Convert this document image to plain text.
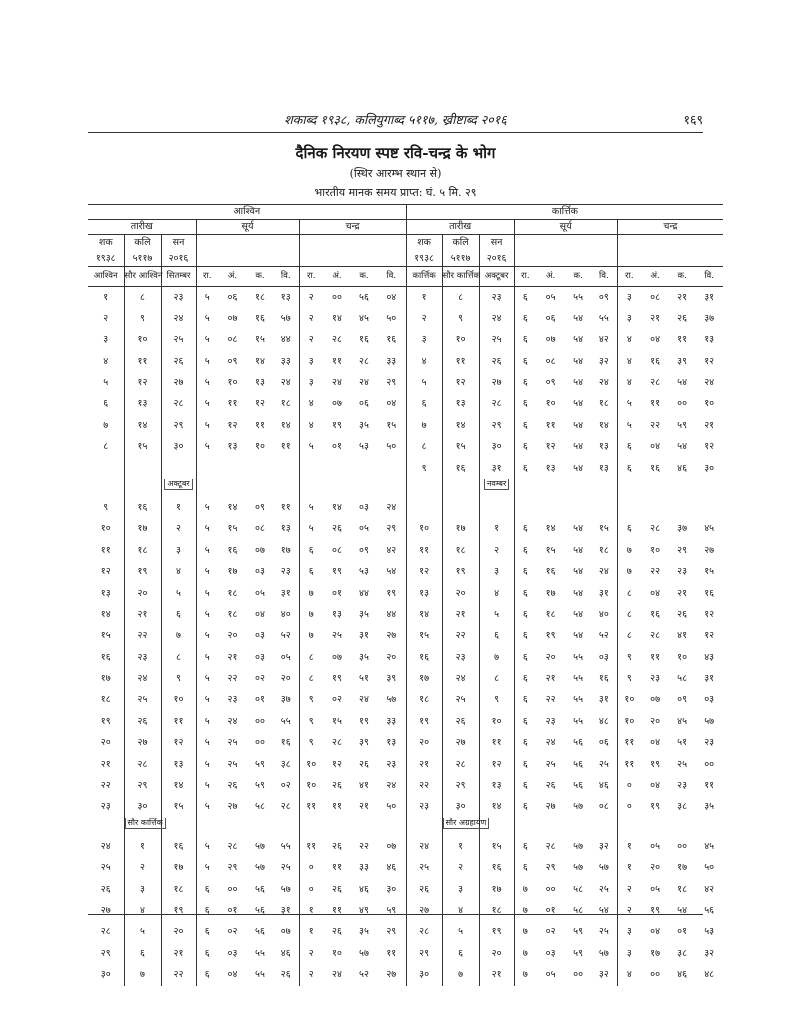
शकाब्द १९३८, कलियुगाब्द ५११७, ख्रीष्टाब्द २०१६	१६९
दैनिक निरयण स्पष्ट रवि-चन्द्र के भोग
(स्थिर आरम्भ स्थान से)
भारतीय मानक समय प्राप्त: घं. ५ मि. २९
आश्विन											कार्त्तिक										
तारीख			सूर्य				चन्द्र				तारीख			सूर्य				चन्द्र			
शक	कलि	सन									शक	कलि	सन								
१९३८	५११७	२०१६									१९३८	५११७	२०१६								
आश्विन	सौर आश्विन	सितम्बर	रा.	अं.	क.	वि.	रा.	अं.	क.	वि.	कार्त्तिक	सौर कार्त्तिक	अक्टूबर	रा.	अं.	क.	वि.	रा.	अं.	क.	वि.
१	८	२३	५	०६	१८	१३	२	००	५६	०४	१	८	२३	६	०५	५५	०९	३	०८	२१	३१
२	९	२४	५	०७	१६	५७	२	१४	४५	५०	२	९	२४	६	०६	५४	५५	३	२१	२६	३७
३	१०	२५	५	०८	१५	४४	२	२८	१६	१६	३	१०	२५	६	०७	५४	४२	४	०४	११	१३
४	११	२६	५	०९	१४	३३	३	११	२८	३३	४	११	२६	६	०८	५४	३२	४	१६	३९	१२
५	१२	२७	५	१०	१३	२४	३	२४	२४	२९	५	१२	२७	६	०९	५४	२४	४	२८	५४	२४
६	१३	२८	५	११	१२	१८	४	०७	०६	०४	६	१३	२८	६	१०	५४	१८	५	११	००	१०
७	१४	२९	५	१२	११	१४	४	१९	३५	१५	७	१४	२९	६	११	५४	१४	५	२२	५९	२१
८	१५	३०	५	१३	१०	११	५	०१	५३	५०	८	१५	३०	६	१२	५४	१३	६	०४	५४	१२
											९	१६	३१	६	१३	५४	१३	६	१६	४६	३०
		अक्टूबर											नवम्बर								
९	१६	१	५	१४	०९	११	५	१४	०३	२४											
१०	१७	२	५	१५	०८	१३	५	२६	०५	२९	१०	१७	१	६	१४	५४	१५	६	२८	३७	४५
११	१८	३	५	१६	०७	१७	६	०८	०९	४२	११	१८	२	६	१५	५४	१८	७	१०	२९	२७
१२	१९	४	५	१७	०३	२३	६	१९	५३	५४	१२	१९	३	६	१६	५४	२४	७	२२	२३	१५
१३	२०	५	५	१८	०५	३१	७	०१	४४	१९	१३	२०	४	६	१७	५४	३१	८	०४	२१	१६
१४	२१	६	५	१८	०४	४०	७	१३	३५	४४	१४	२१	५	६	१८	५४	४०	८	१६	२६	१२
१५	२२	७	५	२०	०३	५२	७	२५	३१	२७	१५	२२	६	६	१९	५४	५२	८	२८	४१	१२
१६	२३	८	५	२१	०३	०५	८	०७	३५	२०	१६	२३	७	६	२०	५५	०३	९	११	१०	४३
१७	२४	९	५	२२	०२	२०	८	१९	५१	३९	१७	२४	८	६	२१	५५	१६	९	२३	५८	३१
१८	२५	१०	५	२३	०१	३७	९	०२	२४	५७	१८	२५	९	६	२२	५५	३१	१०	०७	०९	०३
१९	२६	११	५	२४	००	५५	९	१५	१९	३३	१९	२६	१०	६	२३	५५	४८	१०	२०	४५	५७
२०	२७	१२	५	२५	००	१६	९	२८	३९	१३	२०	२७	११	६	२४	५६	०६	११	०४	५१	२३
२१	२८	१३	५	२५	५९	३८	१०	१२	२६	२३	२१	२८	१२	६	२५	५६	२५	११	१९	२५	००
२२	२९	१४	५	२६	५९	०२	१०	२६	४१	२४	२२	२९	१३	६	२६	५६	४६	०	०४	२३	११
२३	३०	१५	५	२७	५८	२८	११	११	२१	५०	२३	३०	१४	६	२७	५७	०८	०	१९	३८	३५
	सौर कार्त्तिक											सौर अग्रहायण									
२४	१	१६	५	२८	५७	५५	११	२६	२२	०७	२४	१	१५	६	२८	५७	३२	१	०५	००	४५
२५	२	१७	५	२९	५७	२५	०	११	३३	४६	२५	२	१६	६	२९	५७	५७	१	२०	१७	५०
२६	३	१८	६	००	५६	५७	०	२६	४६	३०	२६	३	१७	७	००	५८	२५	२	०५	१८	४२
२७	४	१९	६	०१	५६	३१	१	११	४९	५९	२७	४	१८	७	०१	५८	५४	२	१९	५४	५६
२८	५	२०	६	०२	५६	०७	१	२६	३५	२९	२८	५	१९	७	०२	५९	२५	३	०४	०१	५३
२९	६	२१	६	०३	५५	४६	२	१०	५७	११	२९	६	२०	७	०३	५९	५७	३	१७	३८	३२
३०	७	२२	६	०४	५५	२६	२	२४	५२	२७	३०	७	२१	७	०५	००	३२	४	००	४६	४८
